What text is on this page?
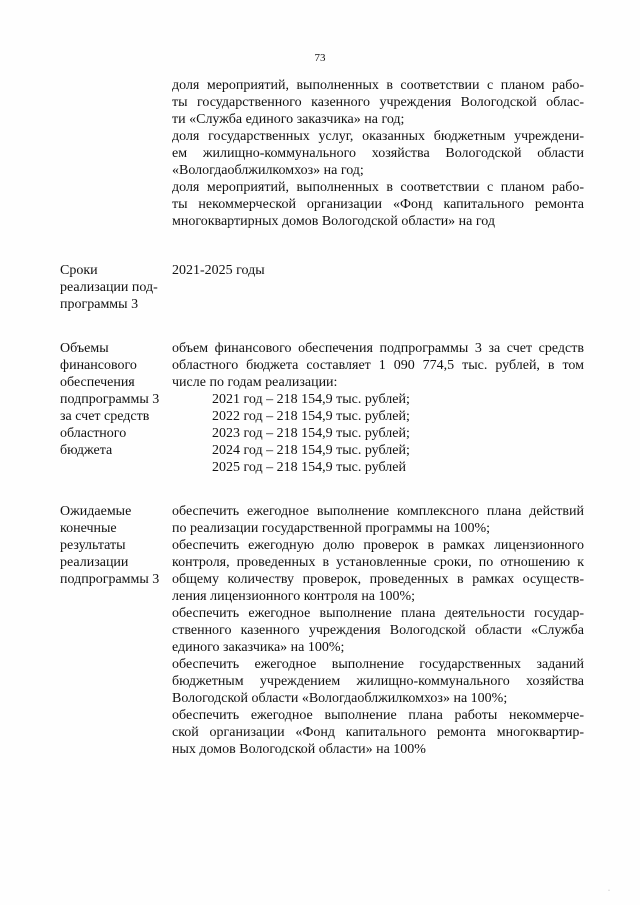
73
доля мероприятий, выполненных в соответствии с планом рабо-
ты государственного казенного учреждения Вологодской облас-
ти «Служба единого заказчика» на год;
доля государственных услуг, оказанных бюджетным учреждени-
ем жилищно-коммунального хозяйства Вологодской области
«Вологдаоблжилкомхоз» на год;
доля мероприятий, выполненных в соответствии с планом рабо-
ты некоммерческой организации «Фонд капитального ремонта
многоквартирных домов Вологодской области» на год
Сроки
реализации под-
программы 3
2021-2025 годы
Объемы
финансового
обеспечения
подпрограммы 3
за счет средств
областного
бюджета
объем финансового обеспечения подпрограммы 3 за счет средств
областного бюджета составляет 1 090 774,5 тыс. рублей, в том
числе по годам реализации:
2021 год – 218 154,9 тыс. рублей;
2022 год – 218 154,9 тыс. рублей;
2023 год – 218 154,9 тыс. рублей;
2024 год – 218 154,9 тыс. рублей;
2025 год – 218 154,9 тыс. рублей
Ожидаемые
конечные
результаты
реализации
подпрограммы 3
обеспечить ежегодное выполнение комплексного плана действий
по реализации государственной программы на 100%;
обеспечить ежегодную долю проверок в рамках лицензионного
контроля, проведенных в установленные сроки, по отношению к
общему количеству проверок, проведенных в рамках осуществ-
ления лицензионного контроля на 100%;
обеспечить ежегодное выполнение плана деятельности государ-
ственного казенного учреждения Вологодской области «Служба
единого заказчика» на 100%;
обеспечить ежегодное выполнение государственных заданий
бюджетным учреждением жилищно-коммунального хозяйства
Вологодской области «Вологдаоблжилкомхоз» на 100%;
обеспечить ежегодное выполнение плана работы некоммерче-
ской организации «Фонд капитального ремонта многоквартир-
ных домов Вологодской области» на 100%
·
